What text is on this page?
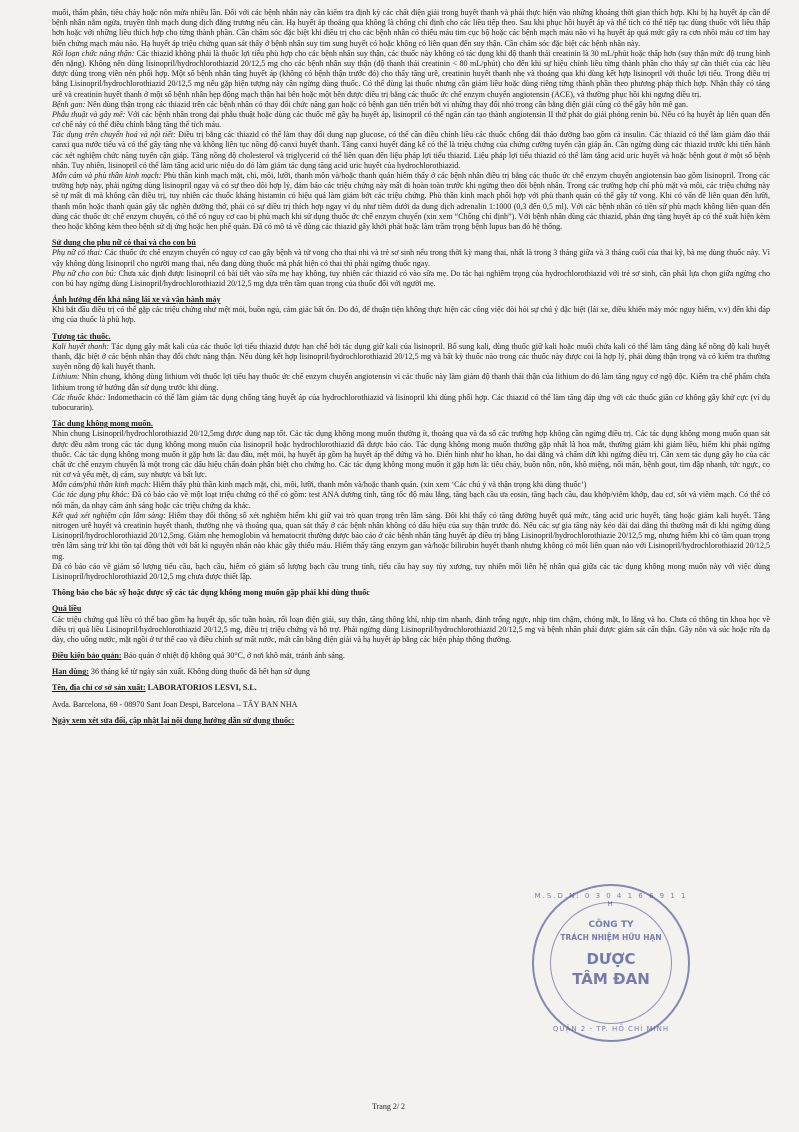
muối, thẩm phân, tiêu chảy hoặc nôn mửa nhiều lần. Đối với các bệnh nhân này cần kiểm tra định kỳ các chất điện giải trong huyết thanh và phải thực hiện vào những khoảng thời gian thích hợp. Khi bị hạ huyết áp cần để bệnh nhân nằm ngửa, truyền tĩnh mạch dung dịch đẳng trương nếu cần. Hạ huyết áp thoáng qua không là chống chỉ định cho các liều tiếp theo. Sau khi phục hồi huyết áp và thể tích có thể tiếp tục dùng thuốc với liều thấp hơn hoặc với những liều thích hợp cho từng thành phần. Cần chăm sóc đặc biệt khi điều trị cho các bệnh nhân có thiếu máu tim cục bộ hoặc các bệnh mạch máu não vì hạ huyết áp quá mức gây ra cơn nhồi máu cơ tim hay biến chứng mạch máu não. Hạ huyết áp triệu chứng quan sát thấy ở bệnh nhân suy tim sung huyết có hoặc không có liên quan đến suy thận. Cần chăm sóc đặc biệt các bệnh nhân này.

Rối loạn chức năng thận: Các thiazid không phải là thuốc lợi tiểu phù hợp cho các bệnh nhân suy thận, các thuốc này không có tác dụng khi độ thanh thải creatinin là 30 mL/phút hoặc thấp hơn (suy thận mức độ trung bình đến nặng). Không nên dùng lisinopril/hydrochlorothiazid 20/12,5 mg cho các bệnh nhân suy thận (độ thanh thải creatinin < 80 mL/phút) cho đến khi sự hiệu chỉnh liều từng thành phần cho thấy sự cần thiết của các liều được dùng trong viên nén phối hợp. Một số bệnh nhân tăng huyết áp (không có bệnh thận trước đó) cho thấy tăng urê, creatinin huyết thanh nhẹ và thoáng qua khi dùng kết hợp lisinopril với thuốc lợi tiểu. Trong điều trị bằng Lisinopril/hydrochlorothiazid 20/12,5 mg nếu gặp hiện tượng này cần ngừng dùng thuốc. Có thể dùng lại thuốc nhưng cần giảm liều hoặc dùng riêng từng thành phần theo phương pháp thích hợp. Nhận thấy có tăng urê và creatinin huyết thanh ở một số bệnh nhân hẹp động mạch thận hai bên hoặc một bên được điều trị bằng các thuốc ức chế enzym chuyển angiotensin (ACE), và thường phục hồi khi ngưng điều trị.

Bệnh gan: Nên dùng thận trọng các thiazid trên các bệnh nhân có thay đổi chức năng gan hoặc có bệnh gan tiến triển bởi vì những thay đổi nhỏ trong cân bằng điện giải cũng có thể gây hôn mê gan.

Phẫu thuật và gây mê: Với các bệnh nhân trong đại phẫu thuật hoặc dùng các thuốc mê gây hạ huyết áp, lisinopril có thể ngăn cản tạo thành angiotensin II thứ phát do giải phóng renin bù. Nếu có hạ huyết áp liên quan đến cơ chế này có thể điều chỉnh bằng tăng thể tích máu.

Tác dụng trên chuyển hoá và nội tiết: Điều trị bằng các thiazid có thể làm thay đổi dung nạp glucose, có thể cần điều chỉnh liều các thuốc chống đái tháo đường bao gồm cả insulin. Các thiazid có thể làm giảm đào thải canxi qua nước tiểu và có thể gây tăng nhẹ và không liên tục nồng độ canxi huyết thanh. Tăng canxi huyết đáng kể có thể là triệu chứng của chứng cường tuyến cận giáp ẩn. Cần ngừng dùng các thiazid trước khi tiến hành các xét nghiệm chức năng tuyến cận giáp. Tăng nồng độ cholesterol và triglycerid có thể liên quan đến liệu pháp lợi tiểu thiazid. Liệu pháp lợi tiểu thiazid có thể làm tăng acid uric huyết và hoặc bệnh gout ở một số bệnh nhân. Tuy nhiên, lisinopril có thể làm tăng acid uric niệu do đó làm giảm tác dụng tăng acid uric huyết của hydrochlorothiazid.

Mẫn cảm và phù thần kinh mạch: Phù thần kinh mạch mặt, chi, môi, lưỡi, thanh môn và/hoặc thanh quản hiếm thấy ở các bệnh nhân điều trị bằng các thuốc ức chế enzym chuyển angiotensin bao gồm lisinopril. Trong các trường hợp này, phải ngừng dùng lisinopril ngay và có sự theo dõi hợp lý, đảm bảo các triệu chứng này mất đi hoàn toàn trước khi ngừng theo dõi bệnh nhân. Trong các trường hợp chỉ phù mặt và môi, các triệu chứng này sẽ tự mất đi mà không cần điều trị, tuy nhiên các thuốc kháng histamin có hiệu quả làm giảm bớt các triệu chứng. Phù thần kinh mạch phối hợp với phù thanh quản có thể gây tử vong. Khi có vấn đề liên quan đến lưỡi, thanh môn hoặc thanh quản gây tắc nghẽn đường thở, phải có sự điều trị thích hợp ngay ví dụ như tiêm dưới da dung dịch adrenalin 1:1000 (0,3 đến 0,5 ml). Với các bệnh nhân có tiền sử phù mạch không liên quan đến dùng các thuốc ức chế enzym chuyển, có thể có nguy cơ cao bị phù mạch khi sử dụng thuốc ức chế enzym chuyển (xin xem “Chống chỉ định”). Với bệnh nhân dùng các thiazid, phản ứng tăng huyết áp có thể xuất hiện kèm theo hoặc không kèm theo bệnh sử dị ứng hoặc hen phế quản. Đã có mô tả về dùng các thiazid gây khởi phát hoặc làm trầm trọng bệnh lupus ban đỏ hệ thống.

Sử dụng cho phụ nữ có thai và cho con bú

Phụ nữ có thai: Các thuốc ức chế enzym chuyển có nguy cơ cao gây bệnh và tử vong cho thai nhi và trẻ sơ sinh nếu trong thời kỳ mang thai, nhất là trong 3 tháng giữa và 3 tháng cuối của thai kỳ, bà mẹ dùng thuốc này. Vì vậy không dùng lisinopril cho người mang thai, nếu đang dùng thuốc mà phát hiện có thai thì phải ngừng thuốc ngay.

Phụ nữ cho con bú: Chưa xác định được lisinopril có bài tiết vào sữa mẹ hay không, tuy nhiên các thiazid có vào sữa mẹ. Do tác hại nghiêm trọng của hydrochlorothiazid với trẻ sơ sinh, cần phải lựa chọn giữa ngừng cho con bú hay ngừng dùng Lisinopril/hydrochlorothiazid 20/12,5 mg dựa trên tầm quan trọng của thuốc đối với người mẹ.

Ảnh hưởng đến khả năng lái xe và vận hành máy

Khi bắt đầu điều trị có thể gặp các triệu chứng như mệt mỏi, buồn ngủ, cảm giác bất ổn. Do đó, để thuận tiện không thực hiện các công việc đòi hỏi sự chú ý đặc biệt (lái xe, điều khiển máy móc nguy hiểm, v.v) đến khi đáp ứng của thuốc là phù hợp.

Tương tác thuốc.

Kali huyết thanh: Tác dụng gây mất kali của các thuốc lợi tiểu thiazid được hạn chế bởi tác dụng giữ kali của lisinopril. Bổ sung kali, dùng thuốc giữ kali hoặc muối chứa kali có thể làm tăng đáng kể nồng độ kali huyết thanh, đặc biệt ở các bệnh nhân thay đổi chức năng thận. Nếu dùng kết hợp lisinopril/hydrochlorothiazid 20/12,5 mg và bất kỳ thuốc nào trong các thuốc này được coi là hợp lý, phải dùng thận trọng và có kiểm tra thường xuyên nồng độ kali huyết thanh.

Lithium: Nhìn chung, không dùng lithium với thuốc lợi tiểu hay thuốc ức chế enzym chuyển angiotensin vì các thuốc này làm giảm độ thanh thải thận của lithium do đó làm tăng nguy cơ ngộ độc. Kiểm tra chế phẩm chứa lithium trong tờ hướng dẫn sử dụng trước khi dùng.

Các thuốc khác: Indomethacin có thể làm giảm tác dụng chống tăng huyết áp của hydrochlorothiazid và lisinopril khi dùng phối hợp. Các thiazid có thể làm tăng đáp ứng với các thuốc giãn cơ không gây khử cực (ví dụ tubocurarin).

Tác dụng không mong muốn.

Nhìn chung Lisinopril/hydrochlorothiazid 20/12,5mg được dung nạp tốt. Các tác dụng không mong muốn thường ít, thoáng qua và đa số các trường hợp không cần ngừng điều trị. Các tác dụng không mong muốn quan sát được đều nằm trong các tác dụng không mong muốn của lisinopril hoặc hydrochlorothiazid đã được báo cáo. Tác dụng không mong muốn thường gặp nhất là hoa mắt, thường giảm khi giảm liều, hiếm khi phải ngừng thuốc. Các tác dụng không mong muốn ít gặp hơn là: đau đầu, mệt mỏi, hạ huyết áp gồm hạ huyết áp thế đứng và ho. Điển hình như ho khan, ho dai dẳng và chấm dứt khi ngừng điều trị. Cần xem tác dụng gây ho của các chất ức chế enzym chuyển là một trong các dấu hiệu chẩn đoán phân biệt cho chứng ho. Các tác dụng không mong muốn ít gặp hơn là: tiêu chảy, buồn nôn, nôn, khô miệng, nổi mẩn, bệnh gout, tim đập nhanh, tức ngực, co rút cơ và yếu mệt, dị cảm, suy nhược và bất lực.

Mẫn cảm/phù thần kinh mạch: Hiếm thấy phù thần kinh mạch mặt, chi, môi, lưỡi, thanh môn và/hoặc thanh quản. (xin xem ‘Các chú ý và thận trọng khi dùng thuốc’)

Các tác dụng phụ khác: Đã có báo cáo về một loạt triệu chứng có thể có gồm: test ANA dương tính, tăng tốc độ máu lắng, tăng bạch cầu ưa eosin, tăng bạch cầu, đau khớp/viêm khớp, đau cơ, sốt và viêm mạch. Có thể có nổi mẩn, da nhạy cảm ánh sáng hoặc các triệu chứng da khác.

Kết quả xét nghiệm cận lâm sàng: Hiếm thay đổi thông số xét nghiệm hiếm khi giữ vai trò quan trọng trên lâm sàng. Đôi khi thấy có tăng đường huyết quá mức, tăng acid uric huyết, tăng hoặc giảm kali huyết. Tăng nitrogen urê huyết và creatinin huyết thanh, thường nhẹ và thoáng qua, quan sát thấy ở các bệnh nhân không có dấu hiệu của suy thận trước đó. Nếu các sự gia tăng này kéo dài dai dẳng thì thường mất đi khi ngừng dùng Lisinopril/hydrochlorothiazid 20/12,5mg. Giảm nhẹ hemoglobin và hematocrit thường được báo cáo ở các bệnh nhân tăng huyết áp điều trị bằng Lisinopril/hydrochlorothiazie 20/12,5 mg, nhưng hiếm khi có tầm quan trọng trên lâm sàng trừ khi tồn tại đồng thời với bất kì nguyên nhân nào khác gây thiếu máu. Hiếm thấy tăng enzym gan và/hoặc bilirubin huyết thanh nhưng không có mối liên quan nào với Lisinopril/hydrochlorothiazid 20/12,5 mg.

Đã có báo cáo về giảm số lượng tiểu cầu, bạch cầu, hiếm có giảm số lượng bạch cầu trung tính, tiểu cầu hay suy tủy xương, tuy nhiên mối liên hệ nhân quả giữa các tác dụng không mong muốn này với việc dùng Lisinopril/hydrochlorothiazid 20/12,5 mg chưa được thiết lập.

Thông báo cho bác sỹ hoặc dược sỹ các tác dụng không mong muốn gặp phải khi dùng thuốc

Quá liều

Các triệu chứng quá liều có thể bao gồm hạ huyết áp, sốc tuần hoàn, rối loạn điện giải, suy thận, tăng thông khí, nhịp tim nhanh, đánh trống ngực, nhịp tim chậm, chóng mặt, lo lắng và ho. Chưa có thông tin khoa học về điều trị quá liều Lisinopril/hydrochlorothiazid 20/12,5 mg, điều trị triệu chứng và hỗ trợ. Phải ngừng dùng Lisinopril/hydrochlorothiazid 20/12,5 mg và bệnh nhân phải được giám sát cẩn thận. Gây nôn và súc hoặc rửa dạ dày, cho uống nước, mặt ngồi ở tư thế cao và điều chỉnh sự mất nước, mất cân bằng điện giải và hạ huyết áp bằng các biện pháp thông thường.

Điều kiện bảo quản: Bảo quản ở nhiệt độ không quá 30°C, ở nơi khô mát, tránh ánh sáng.

Hạn dùng: 36 tháng kể từ ngày sản xuất. Không dùng thuốc đã hết hạn sử dụng

Tên, địa chỉ cơ sở sản xuất: LABORATORIOS LESVI, S.L.

Avda. Barcelona, 69 - 08970 Sant Joan Despi, Barcelona – TÂY BAN NHA

Ngày xem xét sửa đổi, cập nhật lại nội dung hướng dẫn sử dụng thuốc:

M.S.D.N: 0 3 0 4 1 6 6 9 1 1 H
CÔNG TY
TRÁCH NHIỆM HỮU HẠN
DƯỢC
TÂM ĐAN
QUẬN 2 - TP. HỒ CHÍ MINH
Trang 2/ 2
